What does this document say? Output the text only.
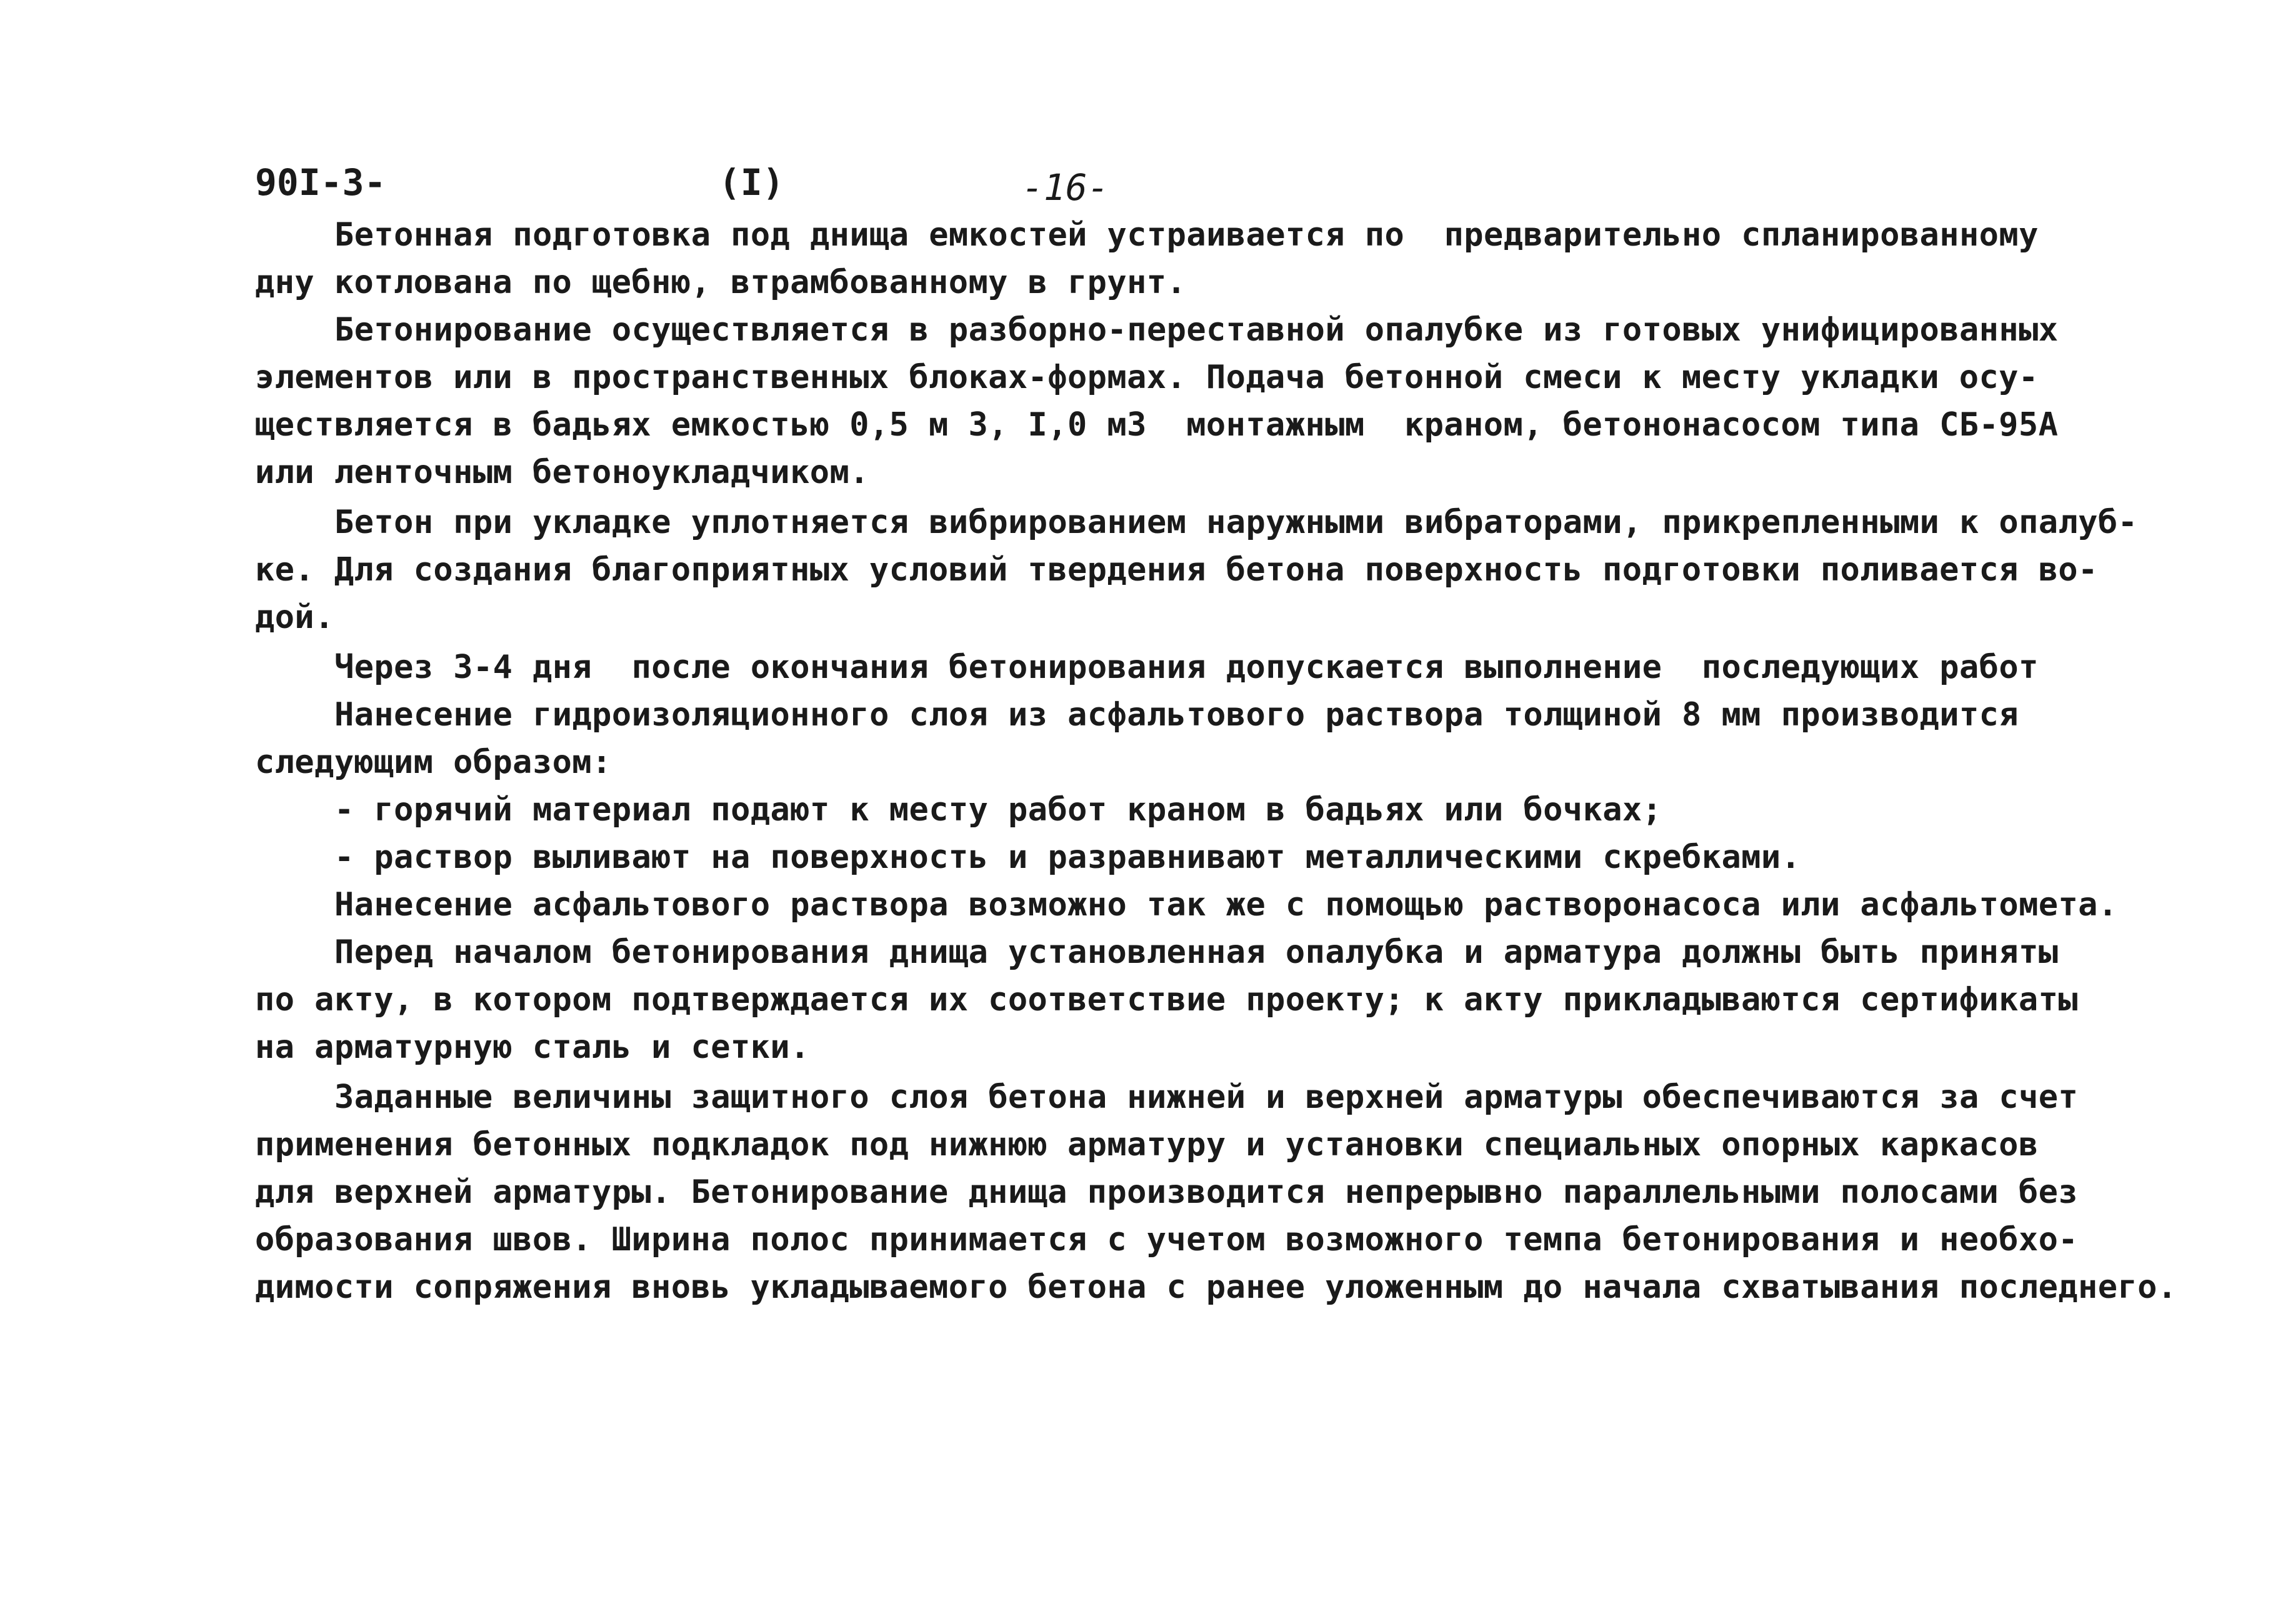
90I-3-	(I)	-16-
Бетонная подготовка под днища емкостей устраивается по  предварительно спланированному
дну котлована по щебню, втрамбованному в грунт.
Бетонирование осуществляется в разборно-переставной опалубке из готовых унифицированных
элементов или в пространственных блоках-формах. Подача бетонной смеси к месту укладки осу-
ществляется в бадьях емкостью 0,5 м 3, I,0 м3  монтажным  краном, бетононасосом типа СБ-95А
или ленточным бетоноукладчиком.
Бетон при укладке уплотняется вибрированием наружными вибраторами, прикрепленными к опалуб-
ке. Для создания благоприятных условий твердения бетона поверхность подготовки поливается во-
дой.
Через 3-4 дня  после окончания бетонирования допускается выполнение  последующих работ
Нанесение гидроизоляционного слоя из асфальтового раствора толщиной 8 мм производится
следующим образом:
- горячий материал подают к месту работ краном в бадьях или бочках;
- раствор выливают на поверхность и разравнивают металлическими скребками.
Нанесение асфальтового раствора возможно так же с помощью растворонасоса или асфальтомета.
Перед началом бетонирования днища установленная опалубка и арматура должны быть приняты
по акту, в котором подтверждается их соответствие проекту; к акту прикладываются сертификаты
на арматурную сталь и сетки.
Заданные величины защитного слоя бетона нижней и верхней арматуры обеспечиваются за счет
применения бетонных подкладок под нижнюю арматуру и установки специальных опорных каркасов
для верхней арматуры. Бетонирование днища производится непрерывно параллельными полосами без
образования швов. Ширина полос принимается с учетом возможного темпа бетонирования и необхо-
димости сопряжения вновь укладываемого бетона с ранее уложенным до начала схватывания последнего.
